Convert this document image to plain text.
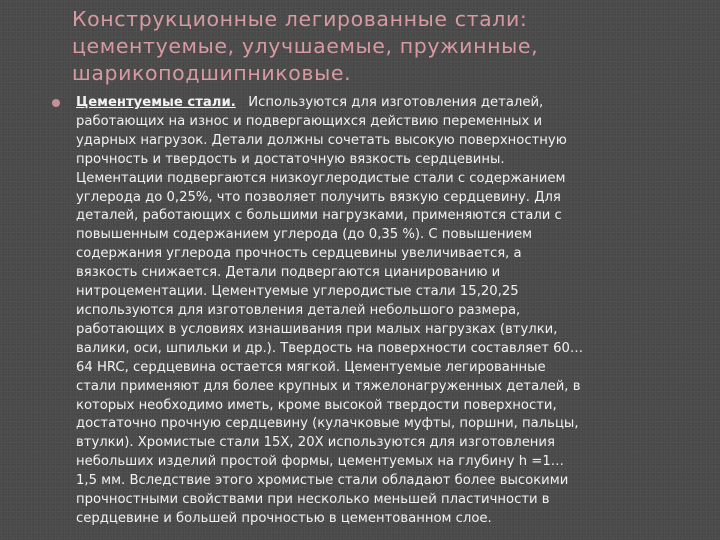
Конструкционные легированные стали:
цементуемые, улучшаемые, пружинные,
шарикоподшипниковые.

Цементуемые стали. Используются для изготовления деталей,
работающих на износ и подвергающихся действию переменных и
ударных нагрузок. Детали должны сочетать высокую поверхностную
прочность и твердость и достаточную вязкость сердцевины.
Цементации подвергаются низкоуглеродистые стали с содержанием
углерода до 0,25%, что позволяет получить вязкую сердцевину. Для
деталей, работающих с большими нагрузками, применяются стали с
повышенным содержанием углерода (до 0,35 %). С повышением
содержания углерода прочность сердцевины увеличивается, а
вязкость снижается. Детали подвергаются цианированию и
нитроцементации. Цементуемые углеродистые стали 15,20,25
используются для изготовления деталей небольшого размера,
работающих в условиях изнашивания при малых нагрузках (втулки,
валики, оси, шпильки и др.). Твердость на поверхности составляет 60…
64 HRC, сердцевина остается мягкой. Цементуемые легированные
стали применяют для более крупных и тяжелонагруженных деталей, в
которых необходимо иметь, кроме высокой твердости поверхности,
достаточно прочную сердцевину (кулачковые муфты, поршни, пальцы,
втулки). Хромистые стали 15Х, 20Х используются для изготовления
небольших изделий простой формы, цементуемых на глубину h =1…
1,5 мм. Вследствие этого хромистые стали обладают более высокими
прочностными свойствами при несколько меньшей пластичности в
сердцевине и большей прочностью в цементованном слое.
